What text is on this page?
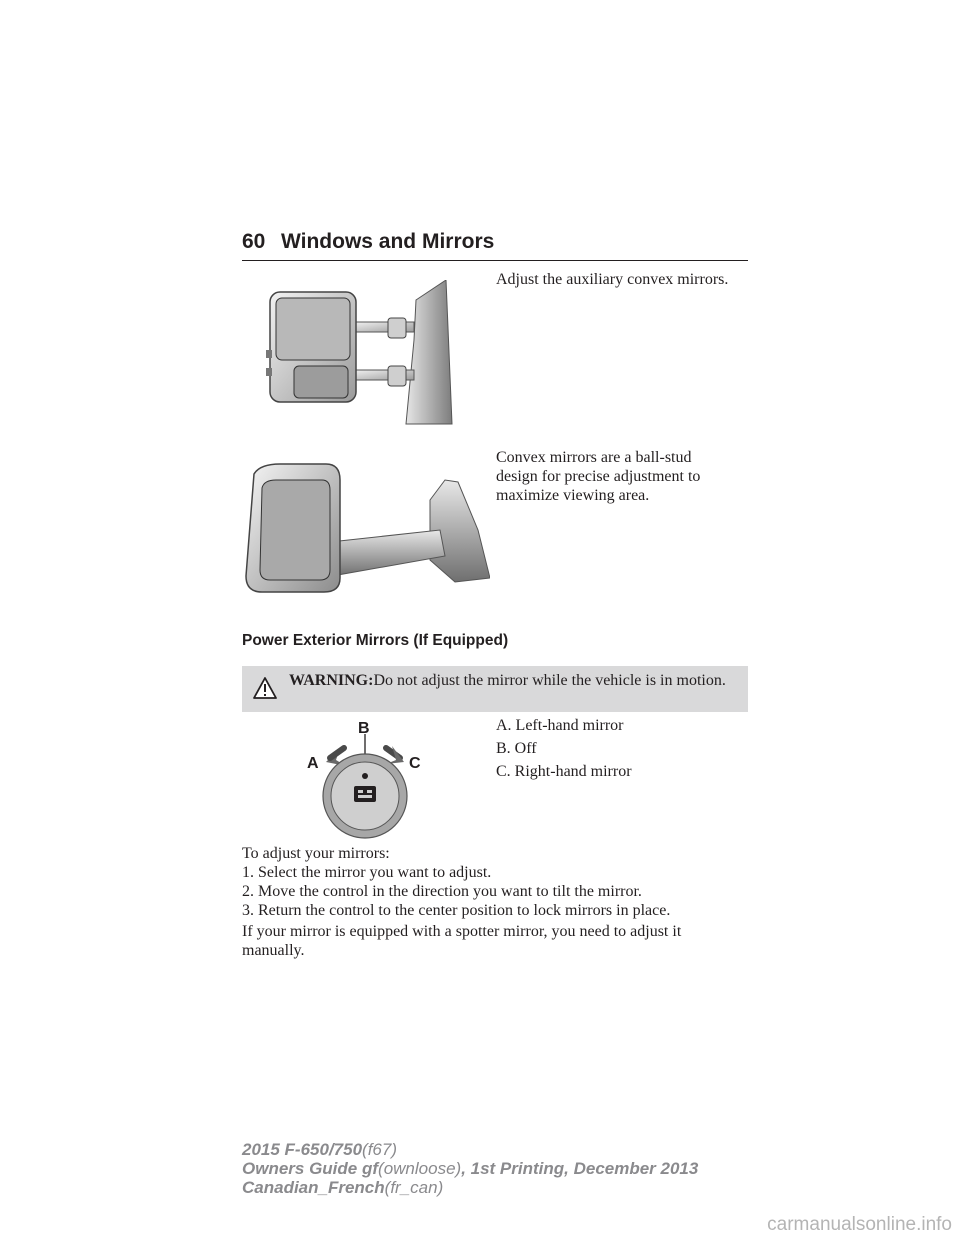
60 Windows and Mirrors
Adjust the auxiliary convex mirrors.
Convex mirrors are a ball-stud
design for precise adjustment to
maximize viewing area.
Power Exterior Mirrors (If Equipped)
WARNING:Do not adjust the mirror while the vehicle is in motion.
B
A	C
A. Left-hand mirror
B. Off
C. Right-hand mirror
To adjust your mirrors:
1. Select the mirror you want to adjust.
2. Move the control in the direction you want to tilt the mirror.
3. Return the control to the center position to lock mirrors in place.
If your mirror is equipped with a spotter mirror, you need to adjust it
manually.
2015 F-650/750(f67)
Owners Guide gf(ownloose), 1st Printing, December 2013
Canadian_French(fr_can)
carmanualsonline.info
